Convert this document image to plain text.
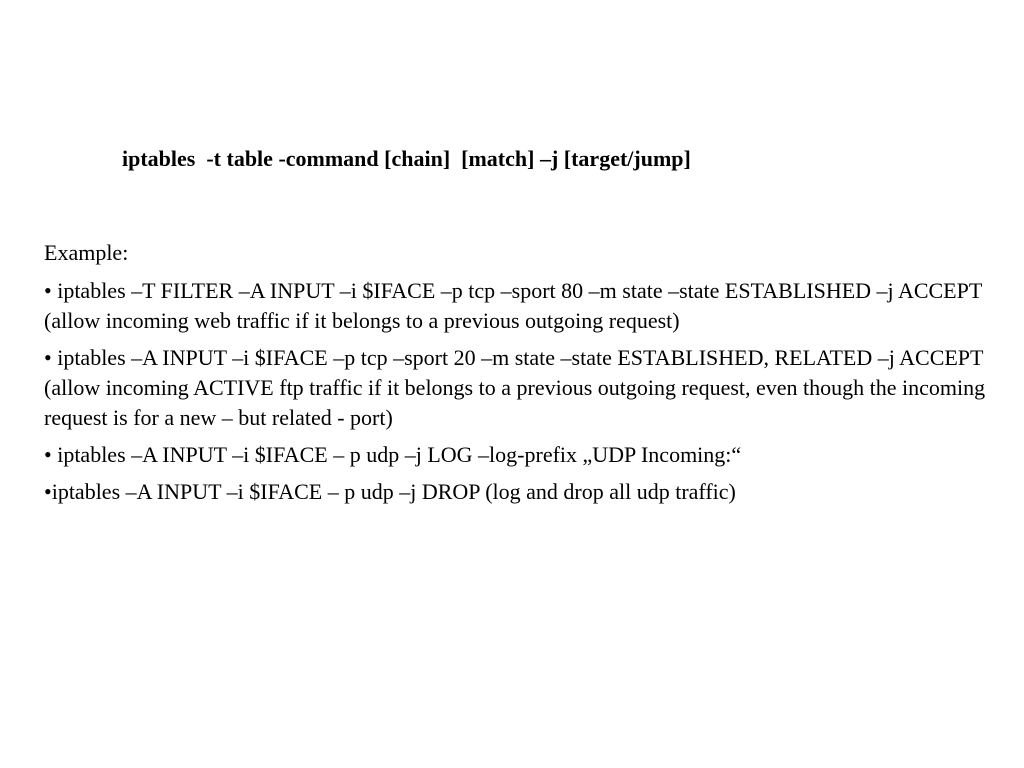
iptables  -t table -command [chain]  [match] –j [target/jump]

Example:

• iptables –T FILTER –A INPUT –i $IFACE –p tcp –sport 80 –m state –state ESTABLISHED –j ACCEPT (allow incoming web traffic if it belongs to a previous outgoing request)

• iptables –A INPUT –i $IFACE –p tcp –sport 20 –m state –state ESTABLISHED, RELATED –j ACCEPT (allow incoming ACTIVE ftp traffic if it belongs to a previous outgoing request, even though the incoming request is for a new – but related - port)

• iptables –A INPUT –i $IFACE – p udp –j LOG –log-prefix „UDP Incoming:“

•iptables –A INPUT –i $IFACE – p udp –j DROP (log and drop all udp traffic)
